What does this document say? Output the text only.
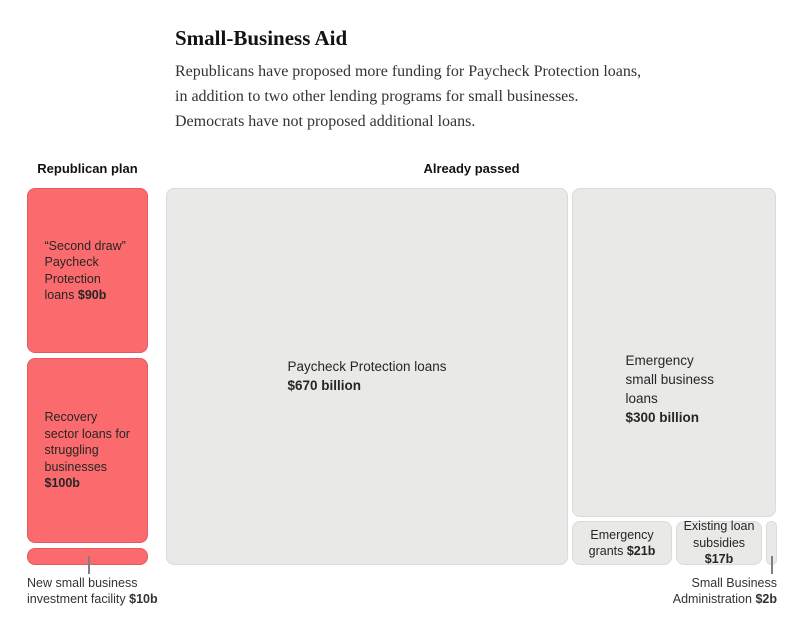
Small-Business Aid

Republicans have proposed more funding for Paycheck Protection loans, in addition to two other lending programs for small businesses. Democrats have not proposed additional loans.

Republican plan	Already passed
“Second draw” Paycheck Protection loans $90b
Recovery sector loans for struggling businesses $100b
Paycheck Protection loans
$670 billion
Emergency small business loans
$300 billion
Emergency grants $21b
Existing loan subsidies $17b
New small business investment facility $10b
Small Business Administration $2b
